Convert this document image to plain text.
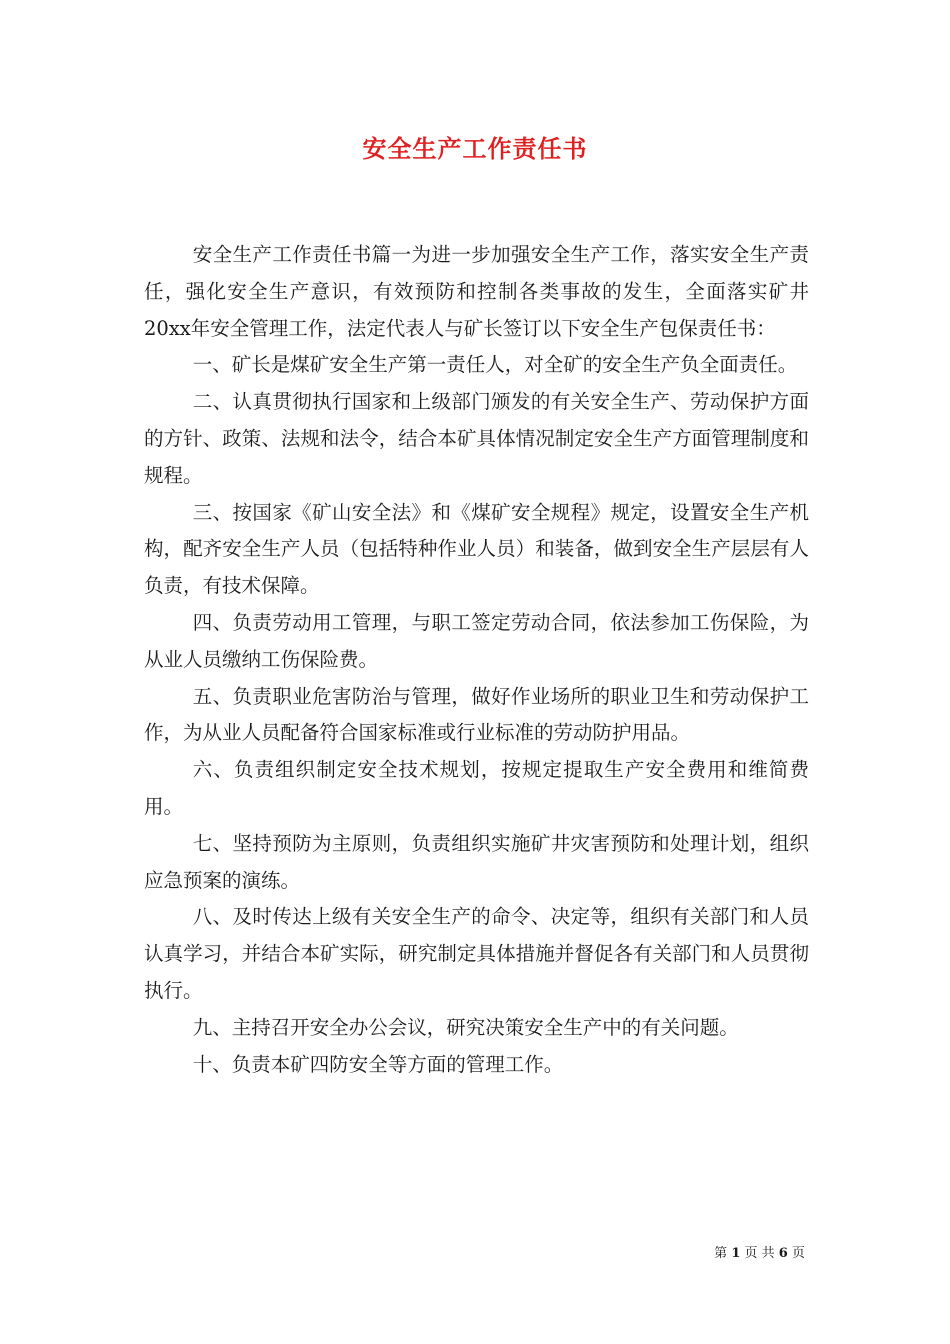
安全生产工作责任书

安全生产工作责任书篇一为进一步加强安全生产工作，落实安全生产责任，强化安全生产意识，有效预防和控制各类事故的发生，全面落实矿井20xx年安全管理工作，法定代表人与矿长签订以下安全生产包保责任书：

一、矿长是煤矿安全生产第一责任人，对全矿的安全生产负全面责任。

二、认真贯彻执行国家和上级部门颁发的有关安全生产、劳动保护方面的方针、政策、法规和法令，结合本矿具体情况制定安全生产方面管理制度和规程。

三、按国家《矿山安全法》和《煤矿安全规程》规定，设置安全生产机构，配齐安全生产人员（包括特种作业人员）和装备，做到安全生产层层有人负责，有技术保障。

四、负责劳动用工管理，与职工签定劳动合同，依法参加工伤保险，为从业人员缴纳工伤保险费。

五、负责职业危害防治与管理，做好作业场所的职业卫生和劳动保护工作，为从业人员配备符合国家标准或行业标准的劳动防护用品。

六、负责组织制定安全技术规划，按规定提取生产安全费用和维简费用。

七、坚持预防为主原则，负责组织实施矿井灾害预防和处理计划，组织应急预案的演练。

八、及时传达上级有关安全生产的命令、决定等，组织有关部门和人员认真学习，并结合本矿实际，研究制定具体措施并督促各有关部门和人员贯彻执行。

九、主持召开安全办公会议，研究决策安全生产中的有关问题。

十、负责本矿四防安全等方面的管理工作。

第 1 页 共 6 页
